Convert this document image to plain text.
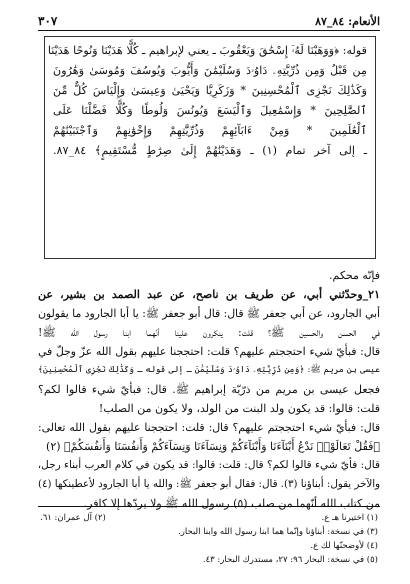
الأنعام: ٨٤_٨٧
٣٠٧
قوله: ﴿وَوَهَبْنَا لَهُۥٓ إِسْحَٰقَ وَيَعْقُوبَ ـ يعني لإبراهيم ـ كُلًّا هَدَيْنَا وَنُوحًا هَدَيْنَا
مِن قَبْلُ وَمِن ذُرِّيَّتِهِۦ دَاوُۥدَ وَسُلَيْمَٰنَ وَأَيُّوبَ وَيُوسُفَ وَمُوسَىٰ وَهَٰرُونَ
وَكَذَٰلِكَ نَجْزِى ٱلْمُحْسِنِينَ * وَزَكَرِيَّا وَيَحْيَىٰ وَعِيسَىٰ وَإِلْيَاسَ كُلٌّ مِّنَ
ٱلصَّٰلِحِينَ * وَإِسْمَٰعِيلَ وَٱلْيَسَعَ وَيُونُسَ وَلُوطًا وَكُلًّا فَضَّلْنَا عَلَى
ٱلْعَٰلَمِينَ * وَمِنْ ءَابَآئِهِمْ وَذُرِّيَّٰتِهِمْ وَإِخْوَٰنِهِمْ وَٱجْتَبَيْنَٰهُمْ
ـ إلى آخر تمام (١) ـ وَهَدَيْنَٰهُمْ إِلَىٰ صِرَٰطٍ مُّسْتَقِيمٍ﴾ ٨٤_٨٧.
فإنّه محكم.
٢١_وحدّثني أبي، عن طريف بن ناصح، عن عبد الصمد بن بشير، عن
أبي الجارود، عن أبي جعفر ﷺ قال: قال أبو جعفر ﷺ: يا أبا الجارود ما يقولون
في الحسن والحسين ﷺ؟ قلت: ينكرون علينا أنّهما ابنا رسول الله ﷺ!
قال: فبأيّ شيء احتججتم عليهم؟ قلت: احتججنا عليهم بقول الله عزّ وجلّ في
عيسى بن مريم ﷺ: ﴿وَمِن ذُرِّيَّتِهِۦ دَاوُۥدَ وَسُلَيْمَٰنَ ـ إلى قوله ـ وَكَذَٰلِكَ نَجْزِى ٱلْمُحْسِنِينَ﴾
فجعل عيسى بن مريم من ذرّيّة إبراهيم ﷺ. قال: فبأيّ شيء قالوا لكم؟
قلت: قالوا: قد يكون ولد البنت من الولد، ولا يكون من الصلب!
قال: فبأيّ شيء احتججتم عليهم؟ قال: قلت: احتججنا عليهم بقول الله تعالى:
﴿فَقُلْ تَعَالَوْا۟ نَدْعُ أَبْنَآءَنَا وَأَبْنَآءَكُمْ وَنِسَآءَنَا وَنِسَآءَكُمْ وَأَنفُسَنَا وَأَنفُسَكُمْ﴾ (٢)
قال: فأيّ شيء قالوا لكم؟ قال: قلت: قالوا: قد يكون في كلام العرب أبناء رجل،
والآخر يقول: أبناؤنا (٣). قال: فقال أبو جعفر ﷺ: والله يا أبا الجارود لأعطينكها (٤)
من كتاب الله أنّهما من صلب (٥) رسول الله ﷺ ولا يردّها إلا كافر.
(١) اختيرنا هـ ع.
(٢) آل عمران: ٦١.
(٣) في نسخة: أبناؤنا وإنّما هما ابنا رسول الله وابنا البحار.
(٤) لأوضحنّها لك ع.
(٥) في نسخة: البحار ٩٦: ٢٧، مستدرك البحار: ٤٣.
